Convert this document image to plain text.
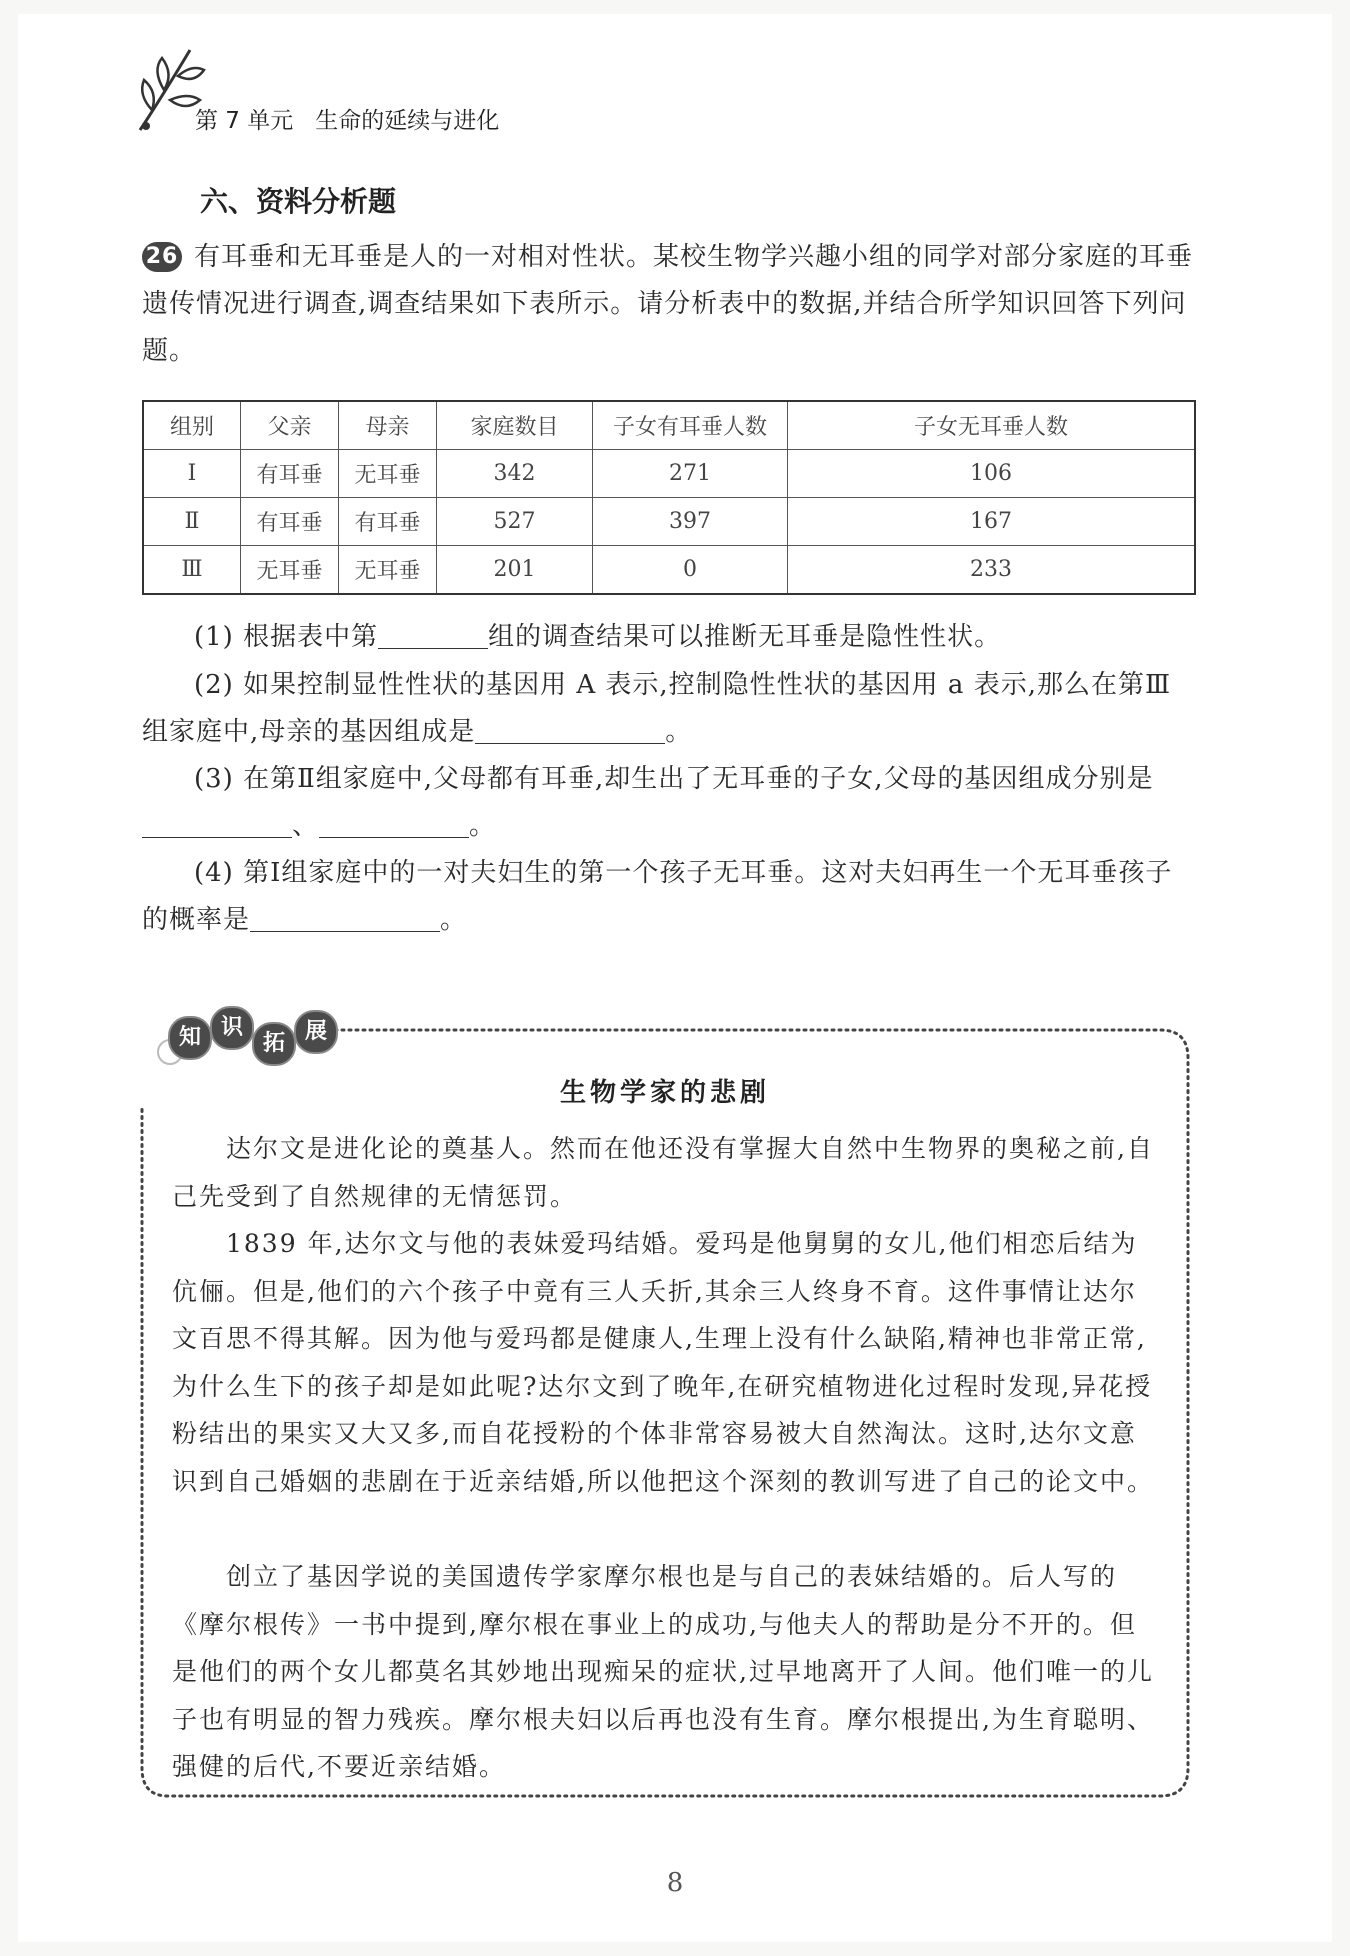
第 7 单元 生命的延续与进化
六、资料分析题
26 有耳垂和无耳垂是人的一对相对性状。某校生物学兴趣小组的同学对部分家庭的耳垂遗传情况进行调查,调查结果如下表所示。请分析表中的数据,并结合所学知识回答下列问题。
组别	父亲	母亲	家庭数目	子女有耳垂人数	子女无耳垂人数
Ⅰ	有耳垂	无耳垂	342	271	106
Ⅱ	有耳垂	有耳垂	527	397	167
Ⅲ	无耳垂	无耳垂	201	0	233
(1) 根据表中第	组的调查结果可以推断无耳垂是隐性性状。
(2) 如果控制显性性状的基因用 A 表示,控制隐性性状的基因用 a 表示,那么在第Ⅲ组家庭中,母亲的基因组成是	。
(3) 在第Ⅱ组家庭中,父母都有耳垂,却生出了无耳垂的子女,父母的基因组成分别是、	。
(4) 第Ⅰ组家庭中的一对夫妇生的第一个孩子无耳垂。这对夫妇再生一个无耳垂孩子的概率是	。
知 识
拓 展
生物学家的悲剧
达尔文是进化论的奠基人。然而在他还没有掌握大自然中生物界的奥秘之前,自己先受到了自然规律的无情惩罚。
1839 年,达尔文与他的表妹爱玛结婚。爱玛是他舅舅的女儿,他们相恋后结为伉俪。但是,他们的六个孩子中竟有三人夭折,其余三人终身不育。这件事情让达尔文百思不得其解。因为他与爱玛都是健康人,生理上没有什么缺陷,精神也非常正常,为什么生下的孩子却是如此呢?达尔文到了晚年,在研究植物进化过程时发现,异花授粉结出的果实又大又多,而自花授粉的个体非常容易被大自然淘汰。这时,达尔文意识到自己婚姻的悲剧在于近亲结婚,所以他把这个深刻的教训写进了自己的论文中。
创立了基因学说的美国遗传学家摩尔根也是与自己的表妹结婚的。后人写的《摩尔根传》一书中提到,摩尔根在事业上的成功,与他夫人的帮助是分不开的。但是他们的两个女儿都莫名其妙地出现痴呆的症状,过早地离开了人间。他们唯一的儿子也有明显的智力残疾。摩尔根夫妇以后再也没有生育。摩尔根提出,为生育聪明、强健的后代,不要近亲结婚。
8
